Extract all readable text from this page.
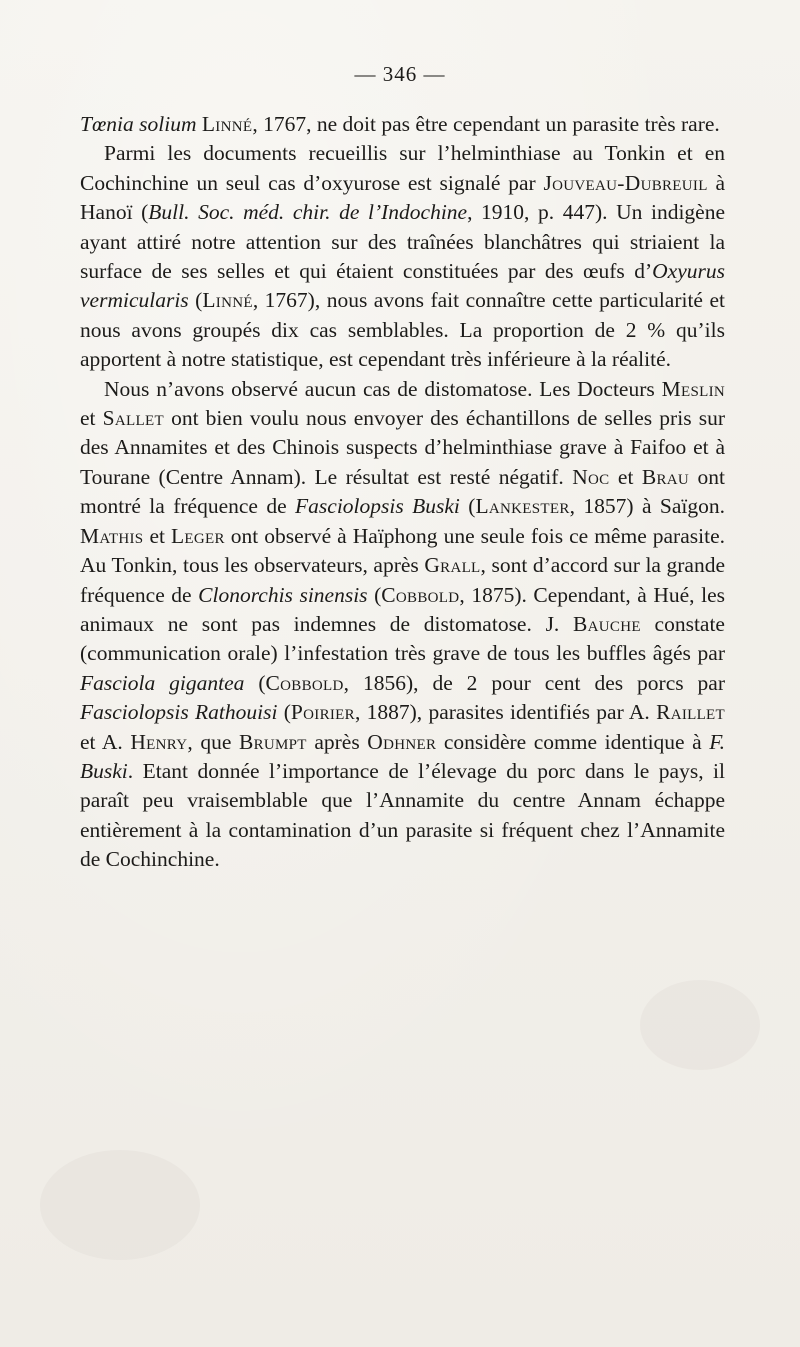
— 346 —

Tœnia solium Linné, 1767, ne doit pas être cependant un parasite très rare.

Parmi les documents recueillis sur l’helminthiase au Tonkin et en Cochinchine un seul cas d’oxyurose est signalé par Jouveau-Dubreuil à Hanoï (Bull. Soc. méd. chir. de l’Indochine, 1910, p. 447). Un indigène ayant attiré notre attention sur des traînées blanchâtres qui striaient la surface de ses selles et qui étaient constituées par des œufs d’Oxyurus vermicularis (Linné, 1767), nous avons fait connaître cette particularité et nous avons groupés dix cas semblables. La proportion de 2 % qu’ils apportent à notre statistique, est cependant très inférieure à la réalité.

Nous n’avons observé aucun cas de distomatose. Les Docteurs Meslin et Sallet ont bien voulu nous envoyer des échantillons de selles pris sur des Annamites et des Chinois suspects d’helminthiase grave à Faifoo et à Tourane (Centre Annam). Le résultat est resté négatif. Noc et Brau ont montré la fréquence de Fasciolopsis Buski (Lankester, 1857) à Saïgon. Mathis et Leger ont observé à Haïphong une seule fois ce même parasite. Au Tonkin, tous les observateurs, après Grall, sont d’accord sur la grande fréquence de Clonorchis sinensis (Cobbold, 1875). Cependant, à Hué, les animaux ne sont pas indemnes de distomatose. J. Bauche constate (communication orale) l’infestation très grave de tous les buffles âgés par Fasciola gigantea (Cobbold, 1856), de 2 pour cent des porcs par Fasciolopsis Rathouisi (Poirier, 1887), parasites identifiés par A. Raillet et A. Henry, que Brumpt après Odhner considère comme identique à F. Buski. Etant donnée l’importance de l’élevage du porc dans le pays, il paraît peu vraisemblable que l’Annamite du centre Annam échappe entièrement à la contamination d’un parasite si fréquent chez l’Annamite de Cochinchine.
